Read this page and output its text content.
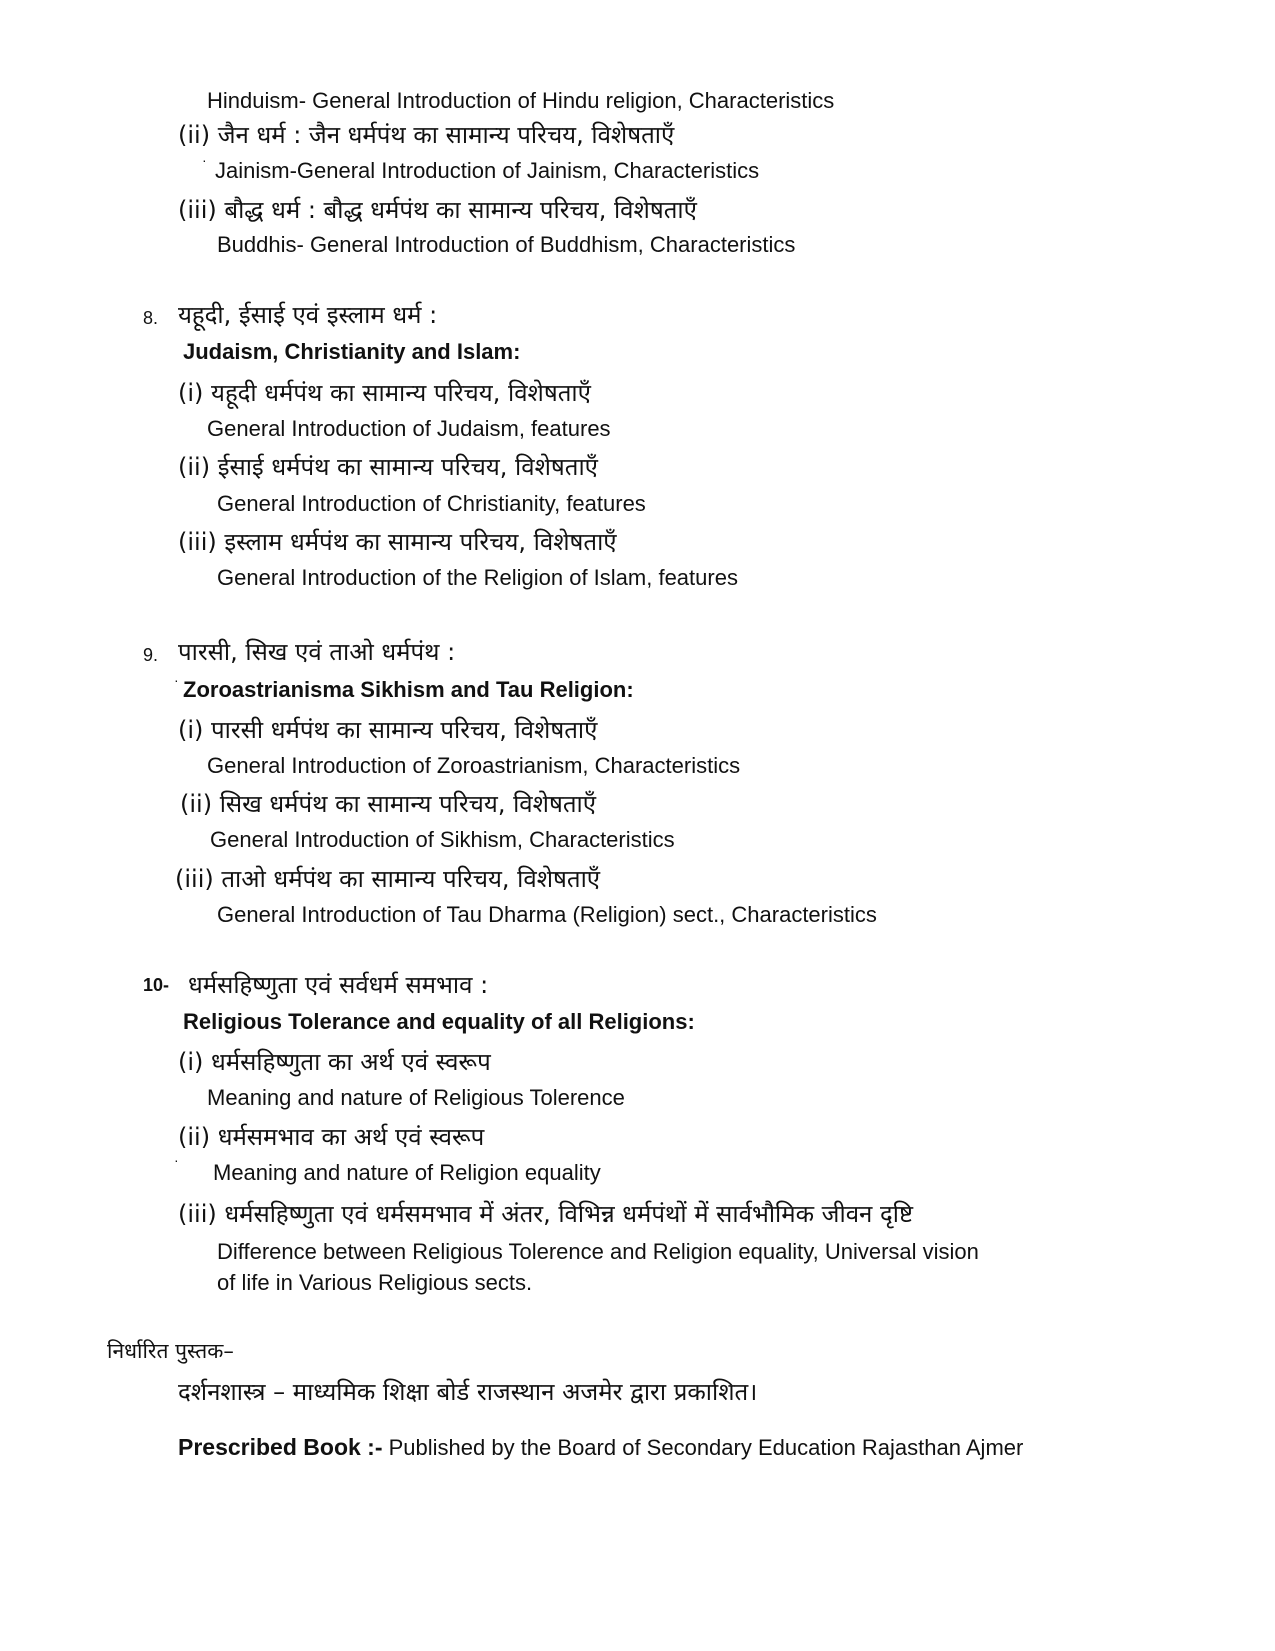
Hinduism- General Introduction of Hindu religion, Characteristics
(ii) जैन धर्म : जैन धर्मपंथ का सामान्य परिचय, विशेषताएँ
· Jainism-General Introduction of Jainism, Characteristics
(iii) बौद्ध धर्म : बौद्ध धर्मपंथ का सामान्य परिचय, विशेषताएँ
Buddhis- General Introduction of Buddhism, Characteristics
8. यहूदी, ईसाई एवं इस्लाम धर्म :
Judaism, Christianity and Islam:
(i) यहूदी धर्मपंथ का सामान्य परिचय, विशेषताएँ
General Introduction of Judaism, features
(ii) ईसाई धर्मपंथ का सामान्य परिचय, विशेषताएँ
General Introduction of Christianity, features
(iii) इस्लाम धर्मपंथ का सामान्य परिचय, विशेषताएँ
General Introduction of the Religion of Islam, features
9. पारसी, सिख एवं ताओ धर्मपंथ :
· Zoroastrianisma Sikhism and Tau Religion:
(i) पारसी धर्मपंथ का सामान्य परिचय, विशेषताएँ
General Introduction of Zoroastrianism, Characteristics
(ii) सिख धर्मपंथ का सामान्य परिचय, विशेषताएँ
General Introduction of Sikhism, Characteristics
(iii) ताओ धर्मपंथ का सामान्य परिचय, विशेषताएँ
General Introduction of Tau Dharma (Religion) sect., Characteristics
10- धर्मसहिष्णुता एवं सर्वधर्म समभाव :
Religious Tolerance and equality of all Religions:
(i) धर्मसहिष्णुता का अर्थ एवं स्वरूप
Meaning and nature of Religious Tolerence
(ii) धर्मसमभाव का अर्थ एवं स्वरूप
· Meaning and nature of Religion equality
(iii) धर्मसहिष्णुता एवं धर्मसमभाव में अंतर, विभिन्न धर्मपंथों में सार्वभौमिक जीवन दृष्टि
Difference between Religious Tolerence and Religion equality, Universal vision
of life in Various Religious sects.
निर्धारित पुस्तक–
दर्शनशास्त्र – माध्यमिक शिक्षा बोर्ड राजस्थान अजमेर द्वारा प्रकाशित।
Prescribed Book :- Published by the Board of Secondary Education Rajasthan Ajmer
